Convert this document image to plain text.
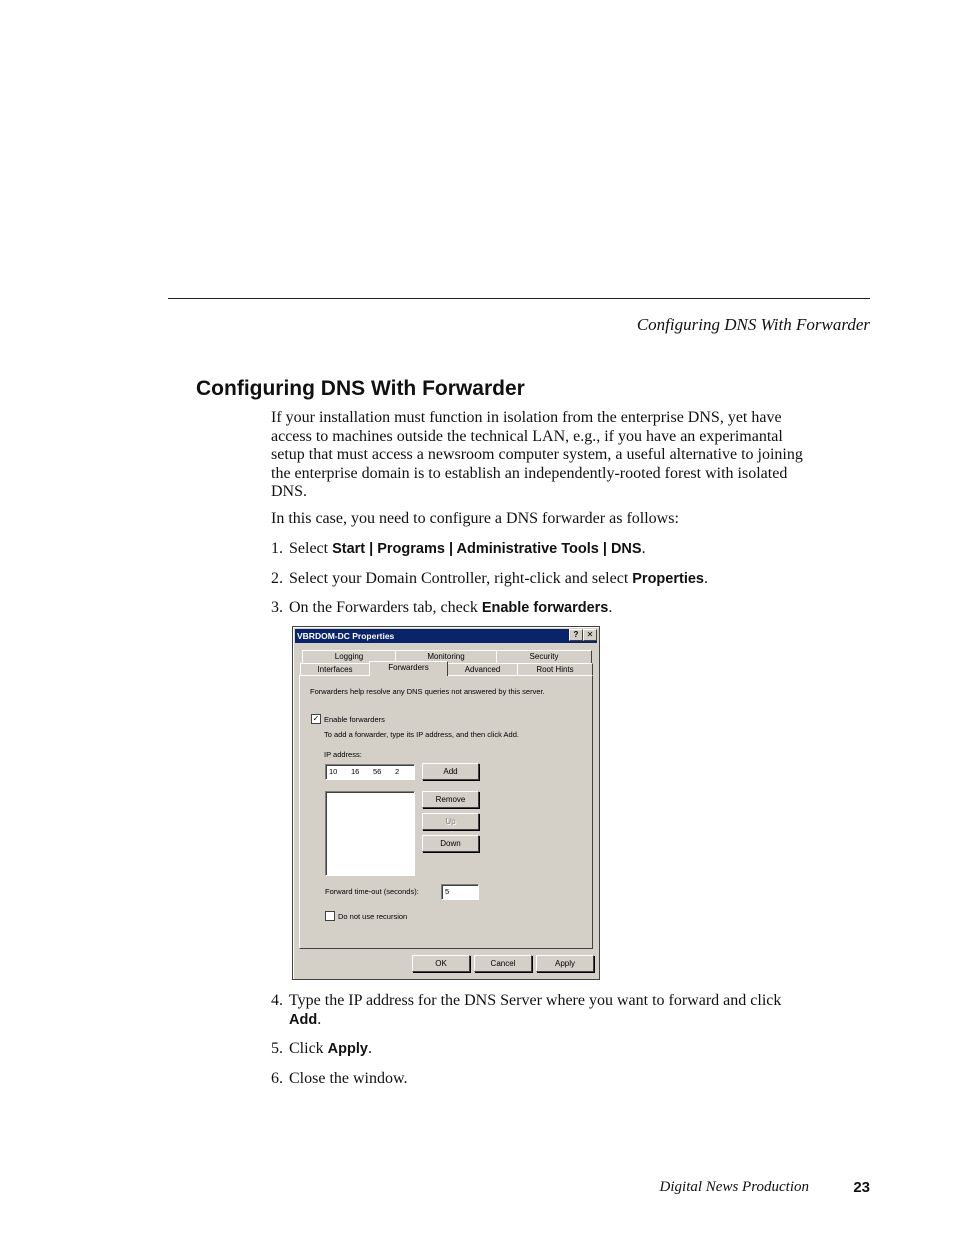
Configuring DNS With Forwarder
Configuring DNS With Forwarder
If your installation must function in isolation from the enterprise DNS, yet have access to machines outside the technical LAN, e.g., if you have an experimantal setup that must access a newsroom computer system, a useful alternative to joining the enterprise domain is to establish an independently-rooted forest with isolated DNS.
In this case, you need to configure a DNS forwarder as follows:
1. Select Start | Programs | Administrative Tools | DNS.
2. Select your Domain Controller, right-click and select Properties.
3. On the Forwarders tab, check Enable forwarders.
VBRDOM-DC Properties	?	✕
Logging	Monitoring	Security
Interfaces	Forwarders	Advanced	Root Hints
Forwarders help resolve any DNS queries not answered by this server.
✓ Enable forwarders
To add a forwarder, type its IP address, and then click Add.
IP address:
10 16 56 2	Add
Remove
Up
Down
Forward time-out (seconds):	5
Do not use recursion
OK	Cancel	Apply
4. Type the IP address for the DNS Server where you want to forward and click Add.
5. Click Apply.
6. Close the window.
Digital News Production	23
